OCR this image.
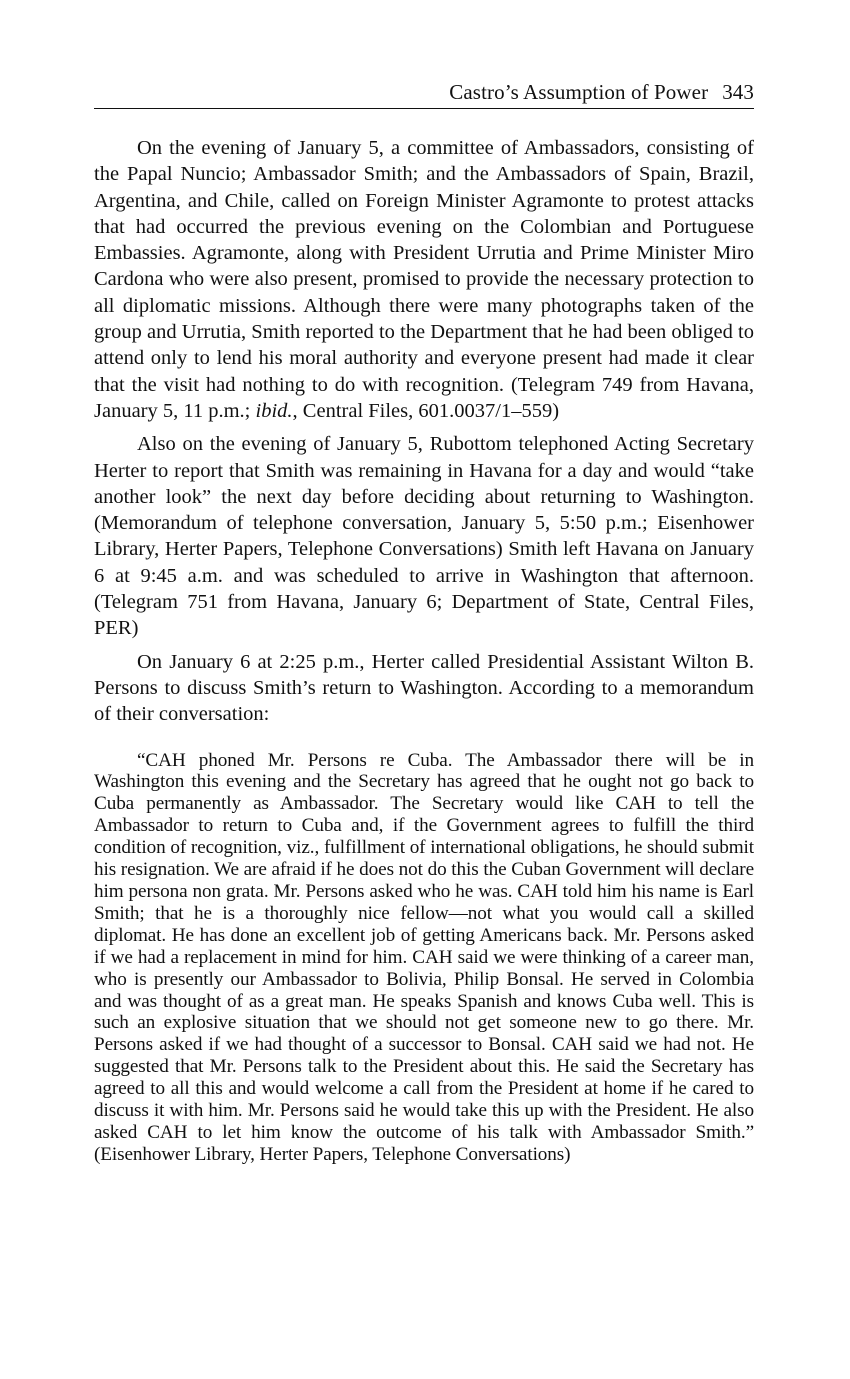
Castro’s Assumption of Power 343

On the evening of January 5, a committee of Ambassadors, consisting of the Papal Nuncio; Ambassador Smith; and the Ambassadors of Spain, Brazil, Argentina, and Chile, called on Foreign Minister Agramonte to protest attacks that had occurred the previous evening on the Colombian and Portuguese Embassies. Agramonte, along with President Urrutia and Prime Minister Miro Cardona who were also present, promised to provide the necessary protection to all diplomatic missions. Although there were many photographs taken of the group and Urrutia, Smith reported to the Department that he had been obliged to attend only to lend his moral authority and everyone present had made it clear that the visit had nothing to do with recognition. (Telegram 749 from Havana, January 5, 11 p.m.; ibid., Central Files, 601.0037/1–559)

Also on the evening of January 5, Rubottom telephoned Acting Secretary Herter to report that Smith was remaining in Havana for a day and would “take another look” the next day before deciding about returning to Washington. (Memorandum of telephone conversation, January 5, 5:50 p.m.; Eisenhower Library, Herter Papers, Telephone Conversations) Smith left Havana on January 6 at 9:45 a.m. and was scheduled to arrive in Washington that afternoon. (Telegram 751 from Havana, January 6; Department of State, Central Files, PER)

On January 6 at 2:25 p.m., Herter called Presidential Assistant Wilton B. Persons to discuss Smith’s return to Washington. According to a memorandum of their conversation:

“CAH phoned Mr. Persons re Cuba. The Ambassador there will be in Washington this evening and the Secretary has agreed that he ought not go back to Cuba permanently as Ambassador. The Secretary would like CAH to tell the Ambassador to return to Cuba and, if the Government agrees to fulfill the third condition of recognition, viz., fulfillment of international obligations, he should submit his resignation. We are afraid if he does not do this the Cuban Government will declare him persona non grata. Mr. Persons asked who he was. CAH told him his name is Earl Smith; that he is a thoroughly nice fellow—not what you would call a skilled diplomat. He has done an excellent job of getting Americans back. Mr. Persons asked if we had a replacement in mind for him. CAH said we were thinking of a career man, who is presently our Ambassador to Bolivia, Philip Bonsal. He served in Colombia and was thought of as a great man. He speaks Spanish and knows Cuba well. This is such an explosive situation that we should not get someone new to go there. Mr. Persons asked if we had thought of a successor to Bonsal. CAH said we had not. He suggested that Mr. Persons talk to the President about this. He said the Secretary has agreed to all this and would welcome a call from the President at home if he cared to discuss it with him. Mr. Persons said he would take this up with the President. He also asked CAH to let him know the outcome of his talk with Ambassador Smith.” (Eisenhower Library, Herter Papers, Telephone Conversations)
